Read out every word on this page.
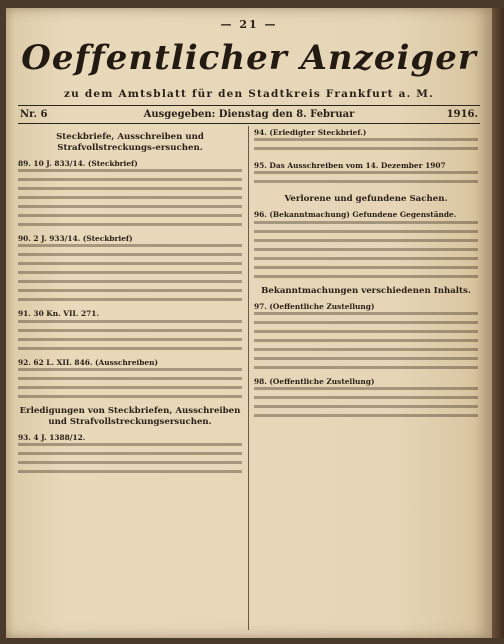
— 21 —
Oeffentlicher Anzeiger
zu dem Amtsblatt für den Stadtkreis Frankfurt a. M.
Nr. 6	Ausgegeben: Dienstag den 8. Februar	1916.
Steckbriefe, Ausschreiben und Strafvollstreckungs-ersuchen.
89. 10 J. 833/14. (Steckbrief)
90. 2 J. 933/14. (Steckbrief)
91. 30 Kn. VII. 271.
92. 62 L. XII. 846. (Ausschreiben)
Erledigungen von Steckbriefen, Ausschreiben und Strafvollstreckungsersuchen.
93. 4 J. 1388/12.
94. (Erledigter Steckbrief.)
95. Das Ausschreiben vom 14. Dezember 1907
Verlorene und gefundene Sachen.
96. (Bekanntmachung) Gefundene Gegenstände.
Bekanntmachungen verschiedenen Inhalts.
97. (Oeffentliche Zustellung)
98. (Oeffentliche Zustellung)
